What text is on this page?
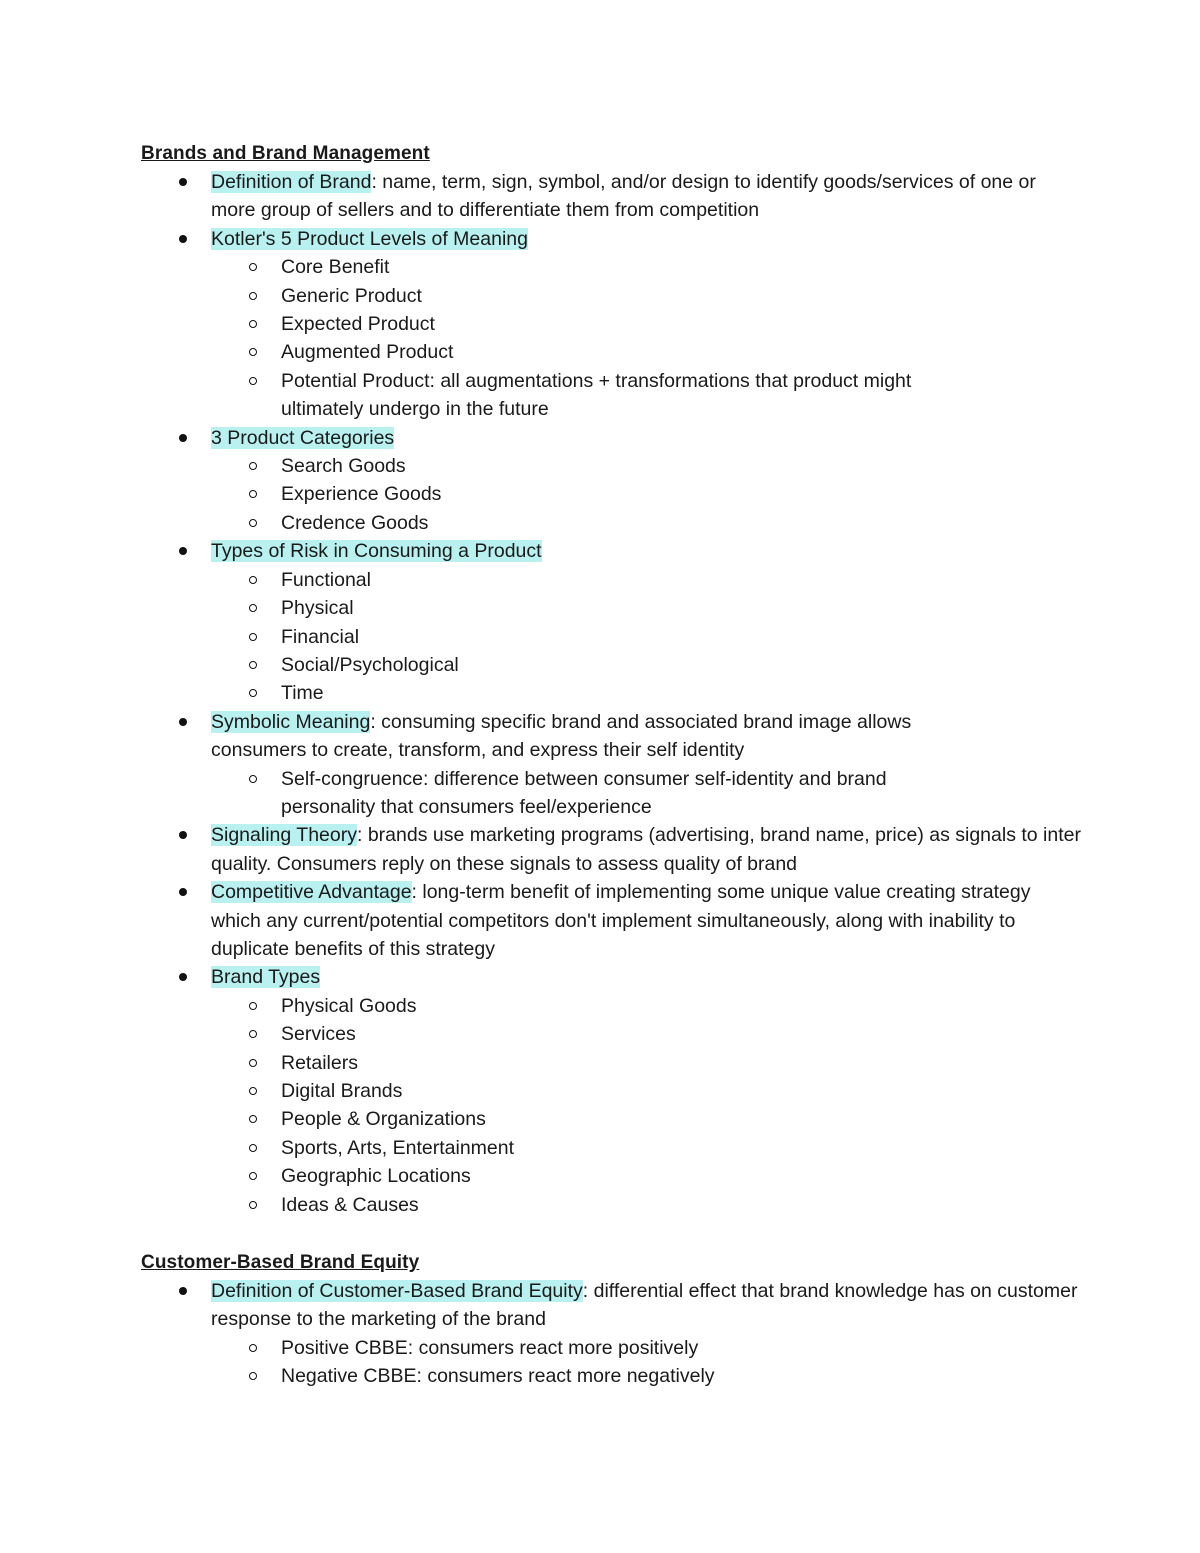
Brands and Brand Management
Definition of Brand: name, term, sign, symbol, and/or design to identify goods/services of one or more group of sellers and to differentiate them from competition
Kotler's 5 Product Levels of Meaning
Core Benefit
Generic Product
Expected Product
Augmented Product
Potential Product: all augmentations + transformations that product might ultimately undergo in the future
3 Product Categories
Search Goods
Experience Goods
Credence Goods
Types of Risk in Consuming a Product
Functional
Physical
Financial
Social/Psychological
Time
Symbolic Meaning: consuming specific brand and associated brand image allows consumers to create, transform, and express their self identity
Self-congruence: difference between consumer self-identity and brand personality that consumers feel/experience
Signaling Theory: brands use marketing programs (advertising, brand name, price) as signals to inter quality. Consumers reply on these signals to assess quality of brand
Competitive Advantage: long-term benefit of implementing some unique value creating strategy which any current/potential competitors don't implement simultaneously, along with inability to duplicate benefits of this strategy
Brand Types
Physical Goods
Services
Retailers
Digital Brands
People & Organizations
Sports, Arts, Entertainment
Geographic Locations
Ideas & Causes
Customer-Based Brand Equity
Definition of Customer-Based Brand Equity: differential effect that brand knowledge has on customer response to the marketing of the brand
Positive CBBE: consumers react more positively
Negative CBBE: consumers react more negatively
